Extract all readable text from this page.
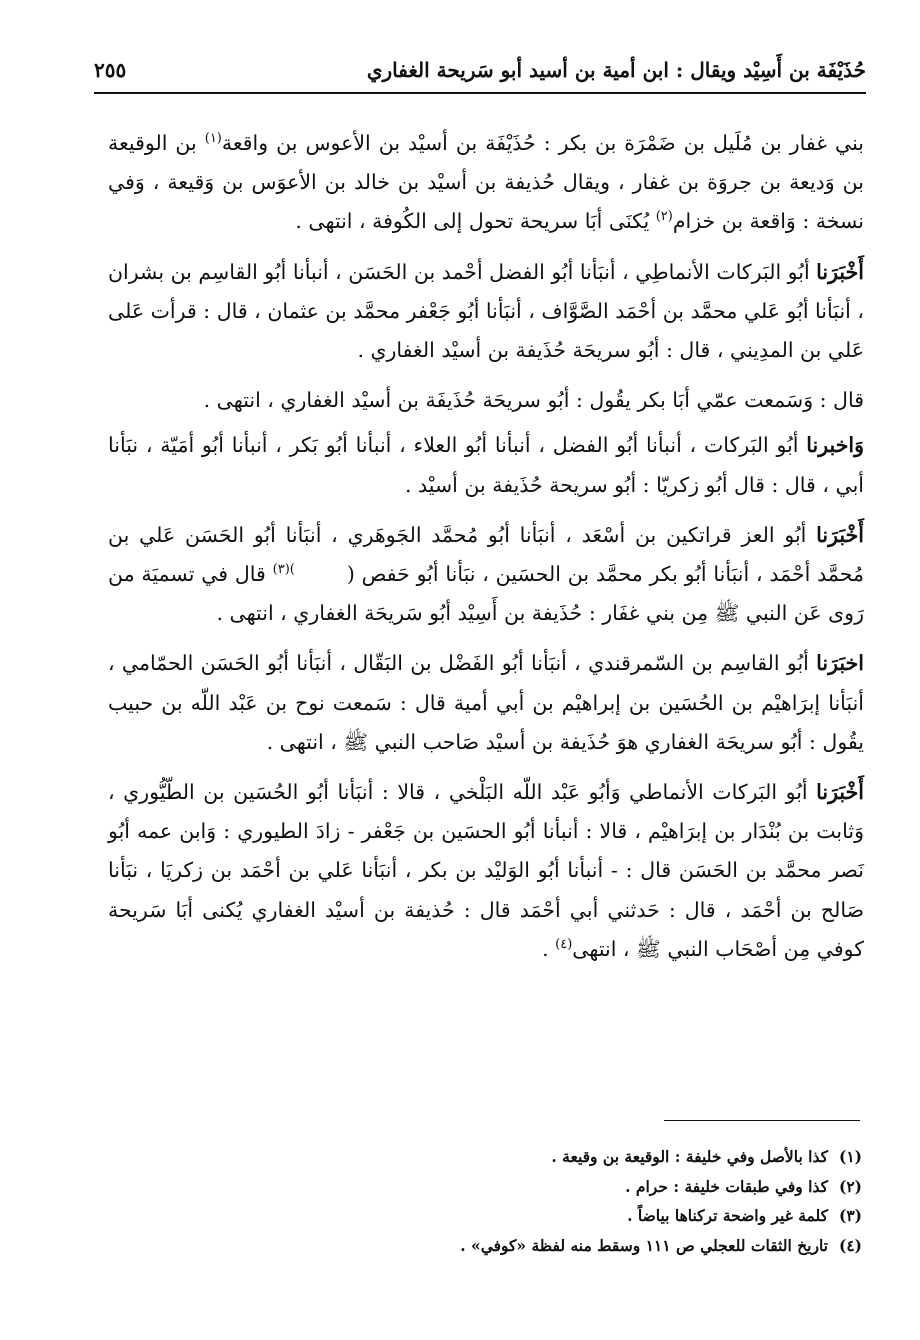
حُذَيْفَة بن أَسِيْد ويقال : ابن أمية بن أسيد أبو سَريحة الغفاري
٢٥٥

بني غفار بن مُلَيل بن ضَمْرَة بن بكر : حُذَيْفَة بن أسيْد بن الأعوس بن واقعة$^{(١)}$ بن الوقيعة بن وَديعة بن جروَة بن غفار ، ويقال حُذيفة بن أسيْد بن خالد بن الأعوَس بن وَقيعة ، وَفي نسخة : وَاقعة بن خزام$^{(٢)}$ يُكنَى أبَا سريحة تحول إلى الكُوفة ، انتهى .

أَخْبَرَنا أبُو البَركات الأنماطِي ، أنبَأنا أبُو الفضل أحْمد بن الحَسَن ، أنبأنا أبُو القاسِم بن بشران ، أنبَأنا أبُو عَلي محمَّد بن أحْمَد الصَّوَّاف ، أنبَأنا أبُو جَعْفر محمَّد بن عثمان ، قال : قرأت عَلى عَلي بن المدِيني ، قال : أبُو سريحَة حُذَيفة بن أسيْد الغفاري .

قال : وَسَمعت عمّي أبَا بكر يقُول : أبُو سريحَة حُذَيفَة بن أسيْد الغفاري ، انتهى .

وَاخبرنا أبُو البَركات ، أنبأنا أبُو الفضل ، أنبأنا أبُو العلاء ، أنبأنا أبُو بَكر ، أنبأنا أبُو أمَيّة ، نبَأنا أبي ، قال : قال أبُو زكريّا : أبُو سريحة حُذَيفة بن أسيْد .

أَخْبَرَنا أبُو العز قراتكين بن أسْعَد ، أنبَأنا أبُو مُحمَّد الجَوهَري ، أنبَأنا أبُو الحَسَن عَلي بن مُحمَّد أحْمَد ، أنبَأنا أبُو بكر محمَّد بن الحسَين ، نبَأنا أبُو حَفص ($^{)(٣)}$ قال في تسميَة من رَوى عَن النبي ﷺ مِن بني غفَار : حُذَيفة بن أَسِيْد أبُو سَريحَة الغفاري ، انتهى .

اخبَرَنا أبُو القاسِم بن السّمرقندي ، أنبَأنا أبُو الفَضْل بن البَقّال ، أنبَأنا أبُو الحَسَن الحمّامي ، أنبَأنا إبرَاهيْم بن الحُسَين بن إبراهيْم بن أبي أمية قال : سَمعت نوح بن عَبْد اللّه بن حبيب يقُول : أبُو سريحَة الغفاري هوَ حُذَيفة بن أسيْد صَاحب النبي ﷺ ، انتهى .

أَخْبَرَنا أبُو البَركات الأنماطي وَأبُو عَبْد اللّه البَلْخي ، قالا : أنبَأنا أبُو الحُسَين بن الطّيُّوري ، وَثابت بن بُنْدَار بن إبرَاهيْم ، قالا : أنبأنا أبُو الحسَين بن جَعْفر - زادَ الطيوري : وَابن عمه أبُو نَصر محمَّد بن الحَسَن قال : - أنبأنا أبُو الوَليْد بن بكر ، أنبَأنا عَلي بن أحْمَد بن زكريَا ، نبَأنا صَالح بن أحْمَد ، قال : حَدثني أبي أحْمَد قال : حُذيفة بن أسيْد الغفاري يُكنى أبَا سَريحة كوفي مِن أصْحَاب النبي ﷺ ، انتهى$^{(٤)}$ .

(١)كذا بالأصل وفي خليفة : الوقيعة بن وقيعة .
(٢)كذا وفي طبقات خليفة : حرام .
(٣)كلمة غير واضحة تركناها بياضاً .
(٤)تاريخ الثقات للعجلي ص ١١١ وسقط منه لفظة «كوفي» .
